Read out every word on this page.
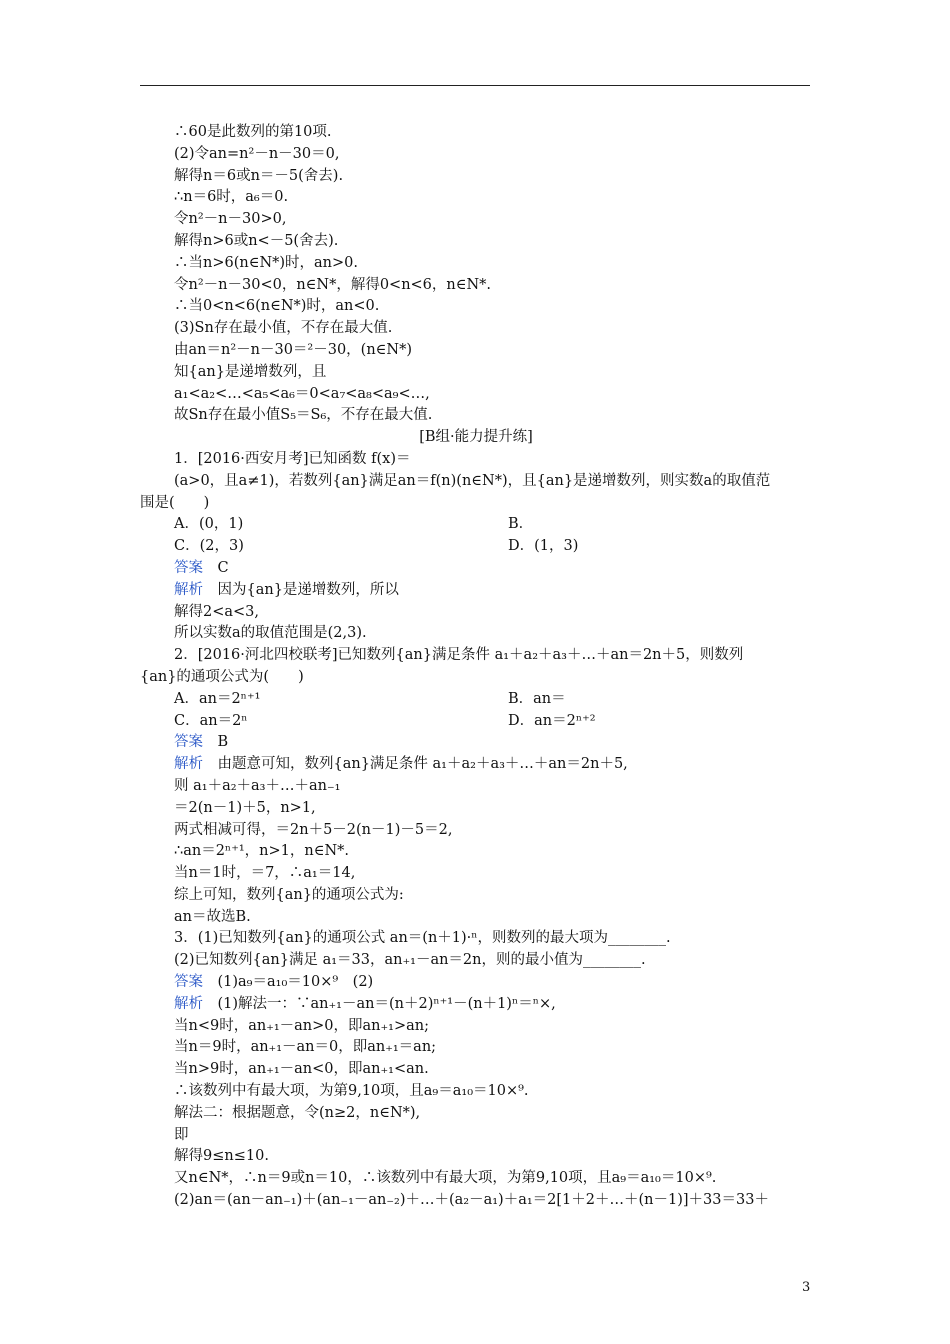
∴60是此数列的第10项.
(2)令an=n²－n－30＝0,
解得n＝6或n＝－5(舍去).
∴n＝6时，a₆＝0.
令n²－n－30>0,
解得n>6或n<－5(舍去).
∴当n>6(n∈N*)时，an>0.
令n²－n－30<0，n∈N*，解得0<n<6，n∈N*.
∴当0<n<6(n∈N*)时，an<0.
(3)Sn存在最小值，不存在最大值.
由an＝n²－n－30＝²－30，(n∈N*)
知{an}是递增数列，且
a₁<a₂<…<a₅<a₆＝0<a₇<a₈<a₉<…,
故Sn存在最小值S₅＝S₆，不存在最大值.
[B组·能力提升练]
1．[2016·西安月考]已知函数 f(x)＝
(a>0，且a≠1)，若数列{an}满足an＝f(n)(n∈N*)，且{an}是递增数列，则实数a的取值范
围是(　　)
A．(0，1)	B．
C．(2，3)	D．(1，3)
答案　 C
解析　 因为{an}是递增数列，所以
解得2<a<3,
所以实数a的取值范围是(2,3).
2．[2016·河北四校联考]已知数列{an}满足条件 a₁＋a₂＋a₃＋…＋an＝2n＋5，则数列
{an}的通项公式为(　　)
A．an＝2ⁿ⁺¹	B．an＝
C．an＝2ⁿ	D．an＝2ⁿ⁺²
答案　 B
解析　 由题意可知，数列{an}满足条件 a₁＋a₂＋a₃＋…＋an＝2n＋5,
则 a₁＋a₂＋a₃＋…＋an₋₁
＝2(n－1)＋5，n>1,
两式相减可得，＝2n＋5－2(n－1)－5＝2,
∴an＝2ⁿ⁺¹，n>1，n∈N*.
当n＝1时，＝7，∴a₁＝14,
综上可知，数列{an}的通项公式为:
an＝故选B.
3．(1)已知数列{an}的通项公式 an＝(n＋1)·ⁿ，则数列的最大项为________.
(2)已知数列{an}满足 a₁＝33，an₊₁－an＝2n，则的最小值为________.
答案　 (1)a₉＝a₁₀＝10×⁹　(2)
解析　 (1)解法一：∵an₊₁－an＝(n＋2)ⁿ⁺¹－(n＋1)ⁿ＝ⁿ×,
当n<9时，an₊₁－an>0，即an₊₁>an;
当n＝9时，an₊₁－an＝0，即an₊₁＝an;
当n>9时，an₊₁－an<0，即an₊₁<an.
∴该数列中有最大项，为第9,10项，且a₉＝a₁₀＝10×⁹.
解法二：根据题意，令(n≥2，n∈N*),
即
解得9≤n≤10.
又n∈N*，∴n＝9或n＝10，∴该数列中有最大项，为第9,10项，且a₉＝a₁₀＝10×⁹.
(2)an＝(an－an₋₁)＋(an₋₁－an₋₂)＋…＋(a₂－a₁)＋a₁＝2[1＋2＋…＋(n－1)]＋33＝33＋
3
